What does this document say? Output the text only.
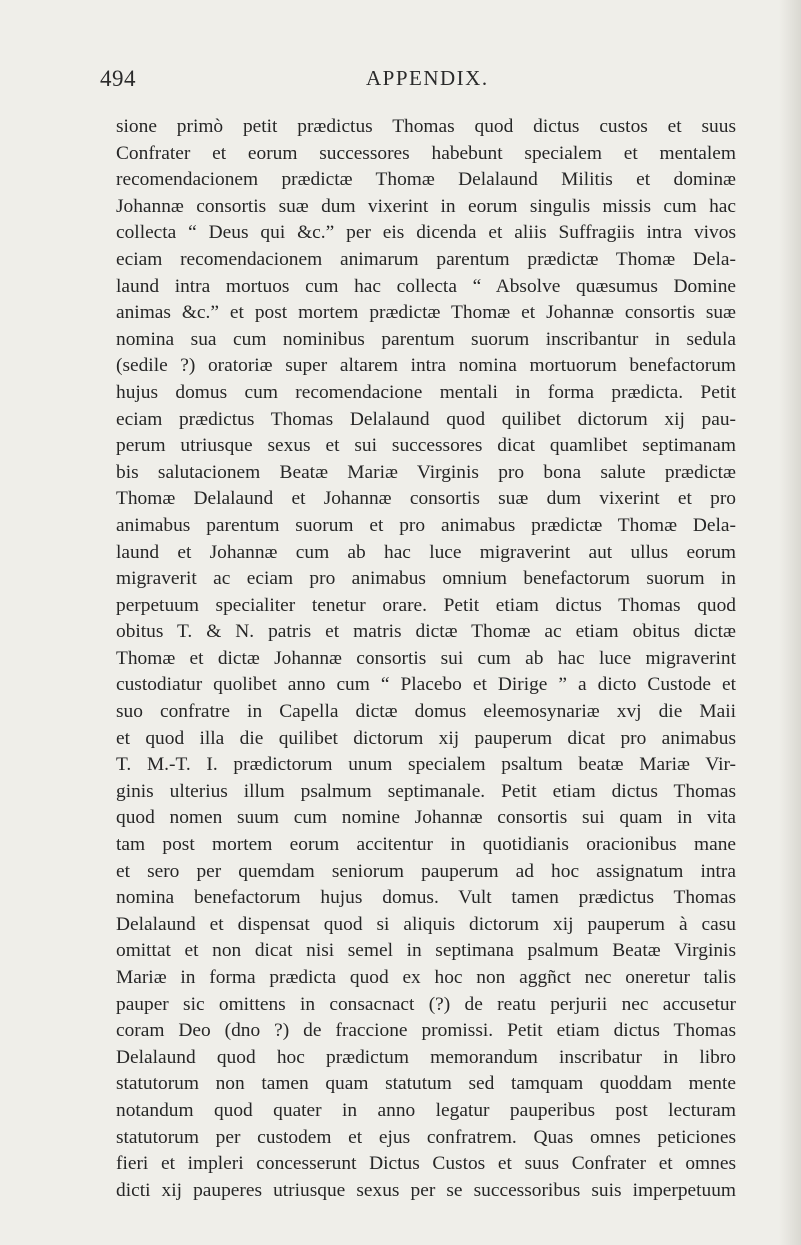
494	APPENDIX.
sione primò petit prædictus Thomas quod dictus custos et suus
Confrater et eorum successores habebunt specialem et mentalem
recomendacionem prædictæ Thomæ Delalaund Militis et dominæ
Johannæ consortis suæ dum vixerint in eorum singulis missis cum hac
collecta “ Deus qui &c.” per eis dicenda et aliis Suffragiis intra vivos
eciam recomendacionem animarum parentum prædictæ Thomæ Dela-
laund intra mortuos cum hac collecta “ Absolve quæsumus Domine
animas &c.” et post mortem prædictæ Thomæ et Johannæ consortis suæ
nomina sua cum nominibus parentum suorum inscribantur in sedula
(sedile ?) oratoriæ super altarem intra nomina mortuorum benefactorum
hujus domus cum recomendacione mentali in forma prædicta. Petit
eciam prædictus Thomas Delalaund quod quilibet dictorum xij pau-
perum utriusque sexus et sui successores dicat quamlibet septimanam
bis salutacionem Beatæ Mariæ Virginis pro bona salute prædictæ
Thomæ Delalaund et Johannæ consortis suæ dum vixerint et pro
animabus parentum suorum et pro animabus prædictæ Thomæ Dela-
laund et Johannæ cum ab hac luce migraverint aut ullus eorum
migraverit ac eciam pro animabus omnium benefactorum suorum in
perpetuum specialiter tenetur orare. Petit etiam dictus Thomas quod
obitus T. & N. patris et matris dictæ Thomæ ac etiam obitus dictæ
Thomæ et dictæ Johannæ consortis sui cum ab hac luce migraverint
custodiatur quolibet anno cum “ Placebo et Dirige ” a dicto Custode et
suo confratre in Capella dictæ domus eleemosynariæ xvj die Maii
et quod illa die quilibet dictorum xij pauperum dicat pro animabus
T. M.-T. I. prædictorum unum specialem psaltum beatæ Mariæ Vir-
ginis ulterius illum psalmum septimanale. Petit etiam dictus Thomas
quod nomen suum cum nomine Johannæ consortis sui quam in vita
tam post mortem eorum accitentur in quotidianis oracionibus mane
et sero per quemdam seniorum pauperum ad hoc assignatum intra
nomina benefactorum hujus domus. Vult tamen prædictus Thomas
Delalaund et dispensat quod si aliquis dictorum xij pauperum à casu
omittat et non dicat nisi semel in septimana psalmum Beatæ Virginis
Mariæ in forma prædicta quod ex hoc non aggñct nec oneretur talis
pauper sic omittens in consacnact (?) de reatu perjurii nec accusetur
coram Deo (dno ?) de fraccione promissi. Petit etiam dictus Thomas
Delalaund quod hoc prædictum memorandum inscribatur in libro
statutorum non tamen quam statutum sed tamquam quoddam mente
notandum quod quater in anno legatur pauperibus post lecturam
statutorum per custodem et ejus confratrem. Quas omnes peticiones
fieri et impleri concesserunt Dictus Custos et suus Confrater et omnes
dicti xij pauperes utriusque sexus per se successoribus suis imperpetuum
